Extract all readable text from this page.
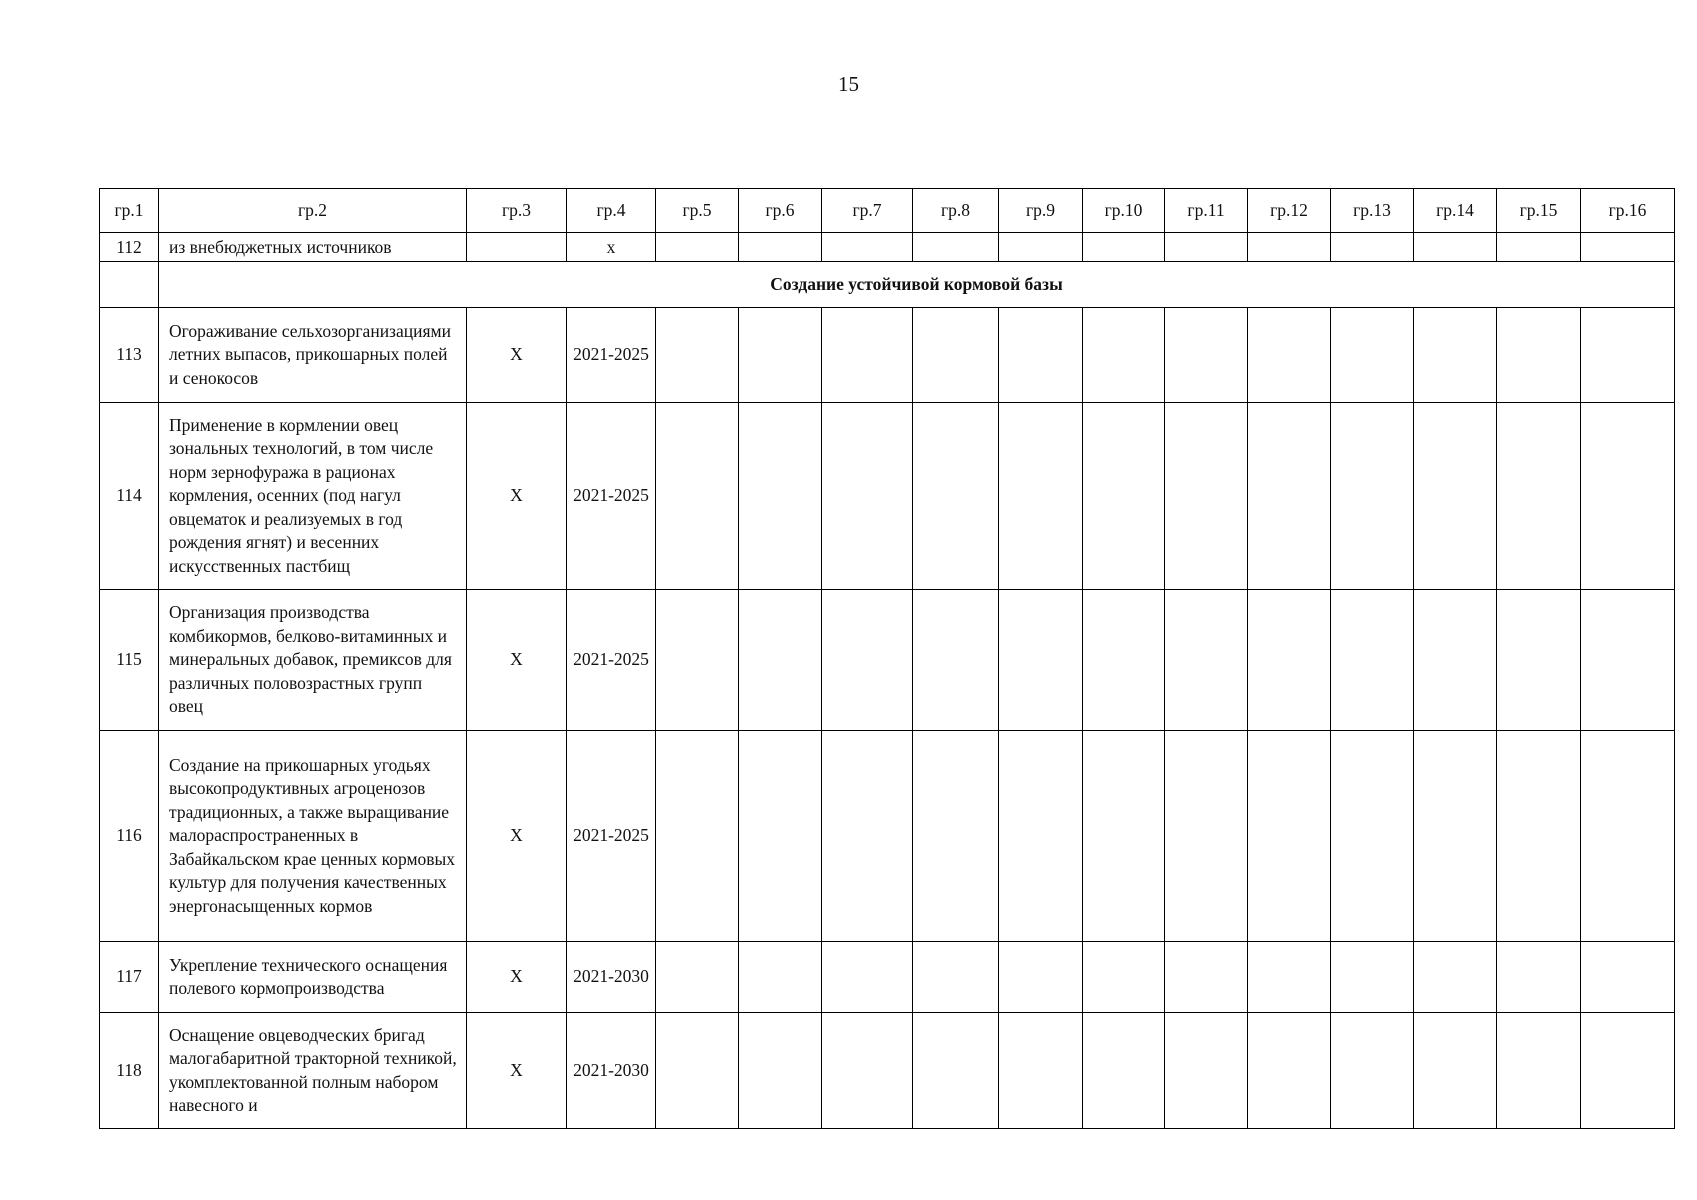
15
гр.1	гр.2	гр.3	гр.4	гр.5	гр.6	гр.7	гр.8	гр.9	гр.10	гр.11	гр.12	гр.13	гр.14	гр.15	гр.16
112	из внебюджетных источников		x												
	Создание устойчивой кормовой базы														
113	Огораживание сельхозорганизациями летних выпасов, прикошарных полей и сенокосов	X	2021-2025												
114	Применение в кормлении овец зональных технологий, в том числе норм зернофуража в рационах кормления, осенних (под нагул овцематок и реализуемых в год рождения ягнят) и весенних искусственных пастбищ	X	2021-2025												
115	Организация производства комбикормов, белково-витаминных и минеральных добавок, премиксов для различных половозрастных групп овец	X	2021-2025												
116	Создание на прикошарных угодьях высокопродуктивных агроценозов традиционных, а также выращивание малораспространенных в Забайкальском крае ценных кормовых культур для получения качественных энергонасыщенных кормов	X	2021-2025												
117	Укрепление технического оснащения полевого кормопроизводства	X	2021-2030												
118	Оснащение овцеводческих бригад малогабаритной тракторной техникой, укомплектованной полным набором навесного и	X	2021-2030												
